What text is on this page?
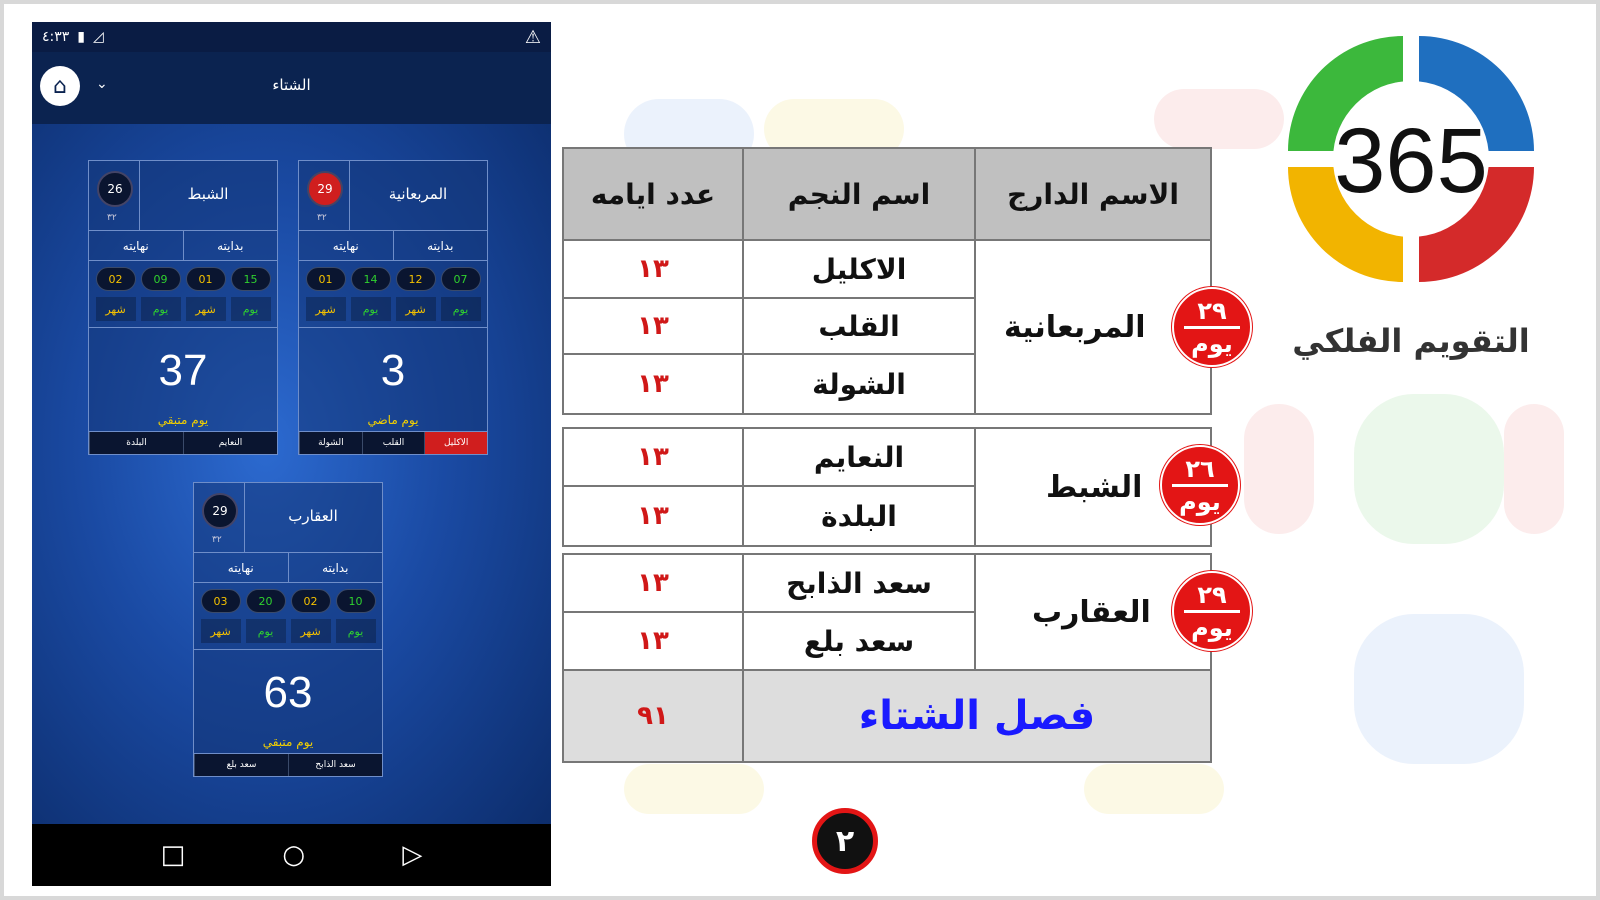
٤:٣٣ ▮ ◿	⚠
⌂ ⌄	الشتاء
29
٣٢
المربعانية
نهايته	بدايته
01	14	12	07
شهر	يوم	شهر	يوم
3
يوم ماضي
الشولة	القلب	الاكليل
26
٣٢
الشبط
نهايته	بدايته
02	09	01	15
شهر	يوم	شهر	يوم
37
يوم متبقي
البلدة	النعايم
29
٣٢
العقارب
نهايته	بدايته
03	20	02	10
شهر	يوم	شهر	يوم
63
يوم متبقي
سعد بلع	سعد الذابح
□	○	▷
عدد ايامه	اسم النجم	الاسم الدارج
١٣	الاكليل
١٣	القلب
١٣	الشولة
المربعانية
١٣	النعايم
١٣	البلدة
الشبط
١٣	سعد الذابح
١٣	سعد بلع
العقارب
٩١	فصل الشتاء
٢٩
يوم
٢٦
يوم
٢٩
يوم
365
التقويم الفلكي
٢
